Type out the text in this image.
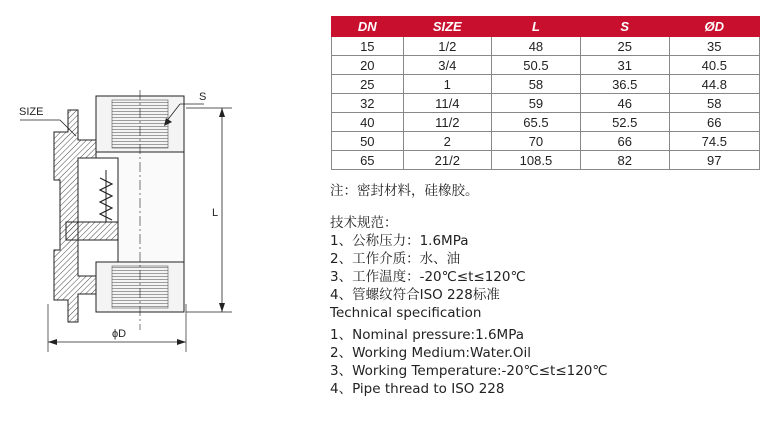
SIZE
S
L
ϕD
DN	SIZE	L	S	ØD
15	1/2	48	25	35
20	3/4	50.5	31	40.5
25	1	58	36.5	44.8
32	11/4	59	46	58
40	11/2	65.5	52.5	66
50	2	70	66	74.5
65	21/2	108.5	82	97
注：密封材料，硅橡胶。
技术规范：
1、公称压力：1.6MPa
2、工作介质：水、油
3、工作温度：-20℃≤t≤120℃
4、管螺纹符合ISO 228标准
Technical specification
1、Nominal pressure:1.6MPa
2、Working Medium:Water.Oil
3、Working Temperature:-20℃≤t≤120℃
4、Pipe thread to ISO 228
